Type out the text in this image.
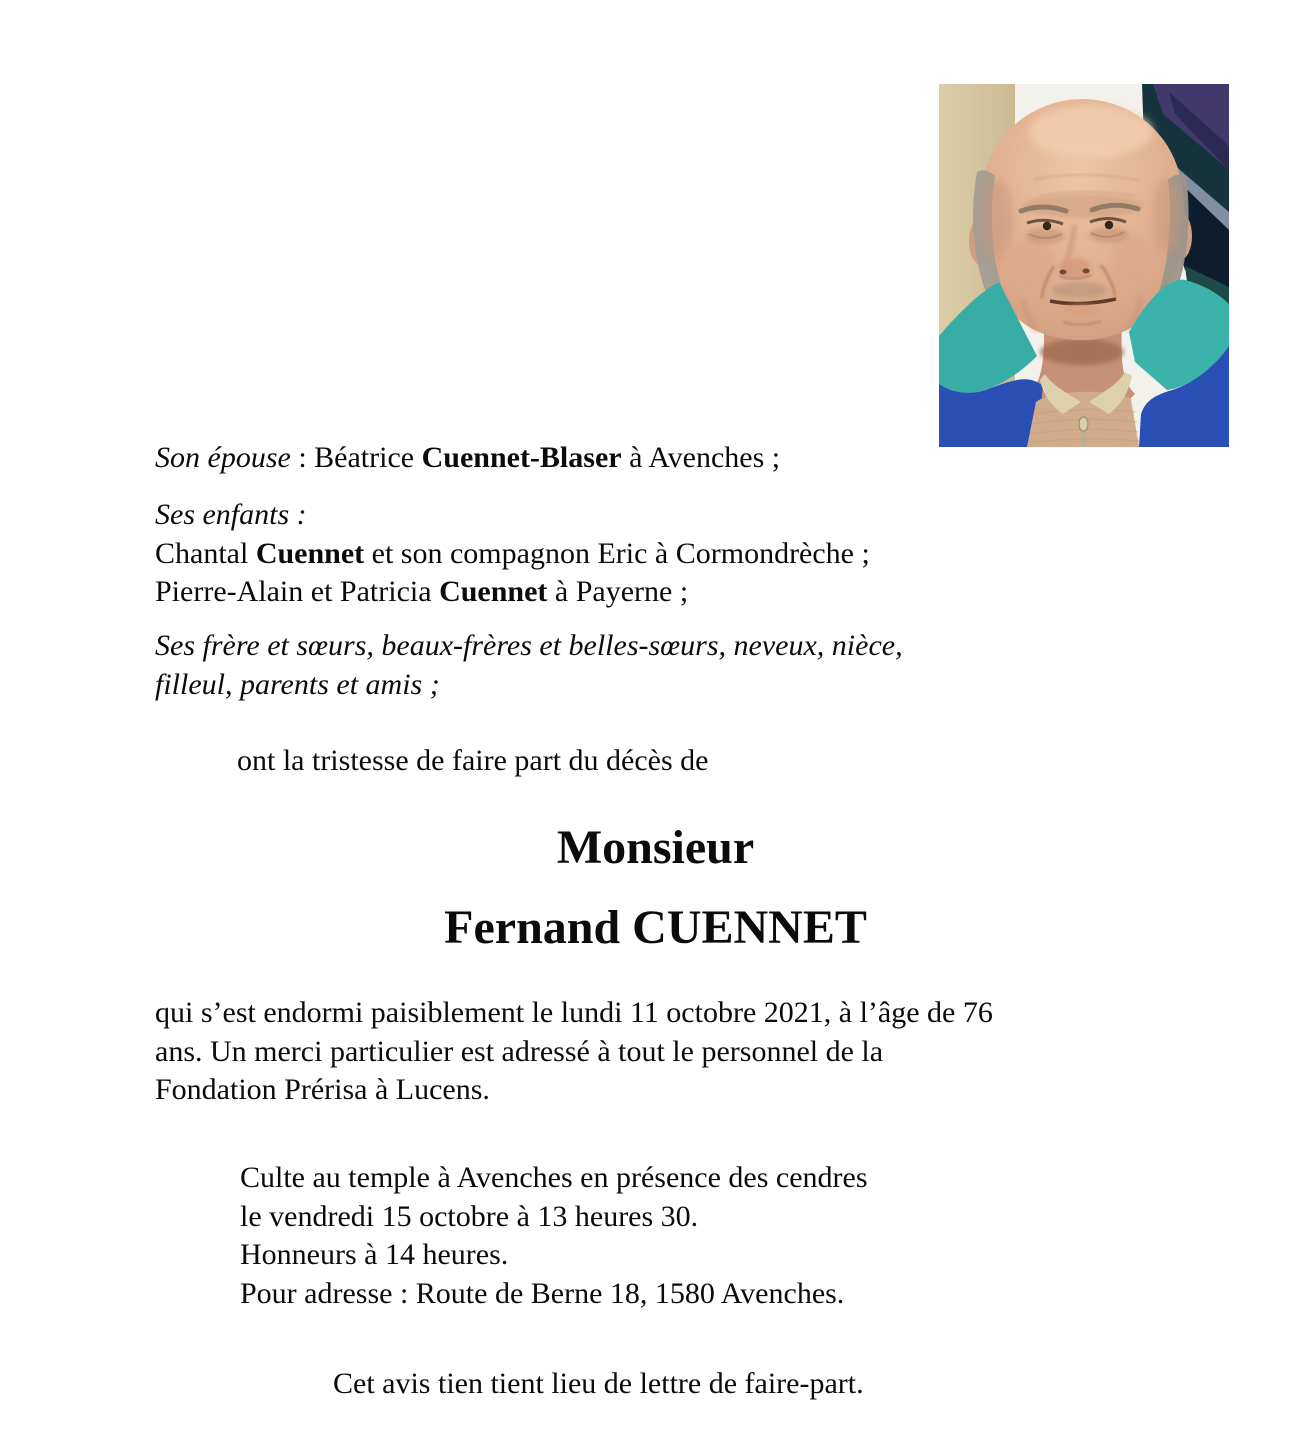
Son épouse : Béatrice Cuennet-Blaser à Avenches ;

Ses enfants :
Chantal Cuennet et son compagnon Eric à Cormondrèche ;
Pierre-Alain et Patricia Cuennet à Payerne ;
Ses frère et sœurs, beaux-frères et belles-sœurs, neveux, nièce,
filleul, parents et amis ;

ont la tristesse de faire part du décès de

Monsieur
Fernand CUENNET
qui s’est endormi paisiblement le lundi 11 octobre 2021, à l’âge de 76
ans. Un merci particulier est adressé à tout le personnel de la
Fondation Prérisa à Lucens.
Culte au temple à Avenches en présence des cendres
le vendredi 15 octobre à 13 heures 30.
Honneurs à 14 heures.
Pour adresse : Route de Berne 18, 1580 Avenches.

Cet avis tien tient lieu de lettre de faire-part.
